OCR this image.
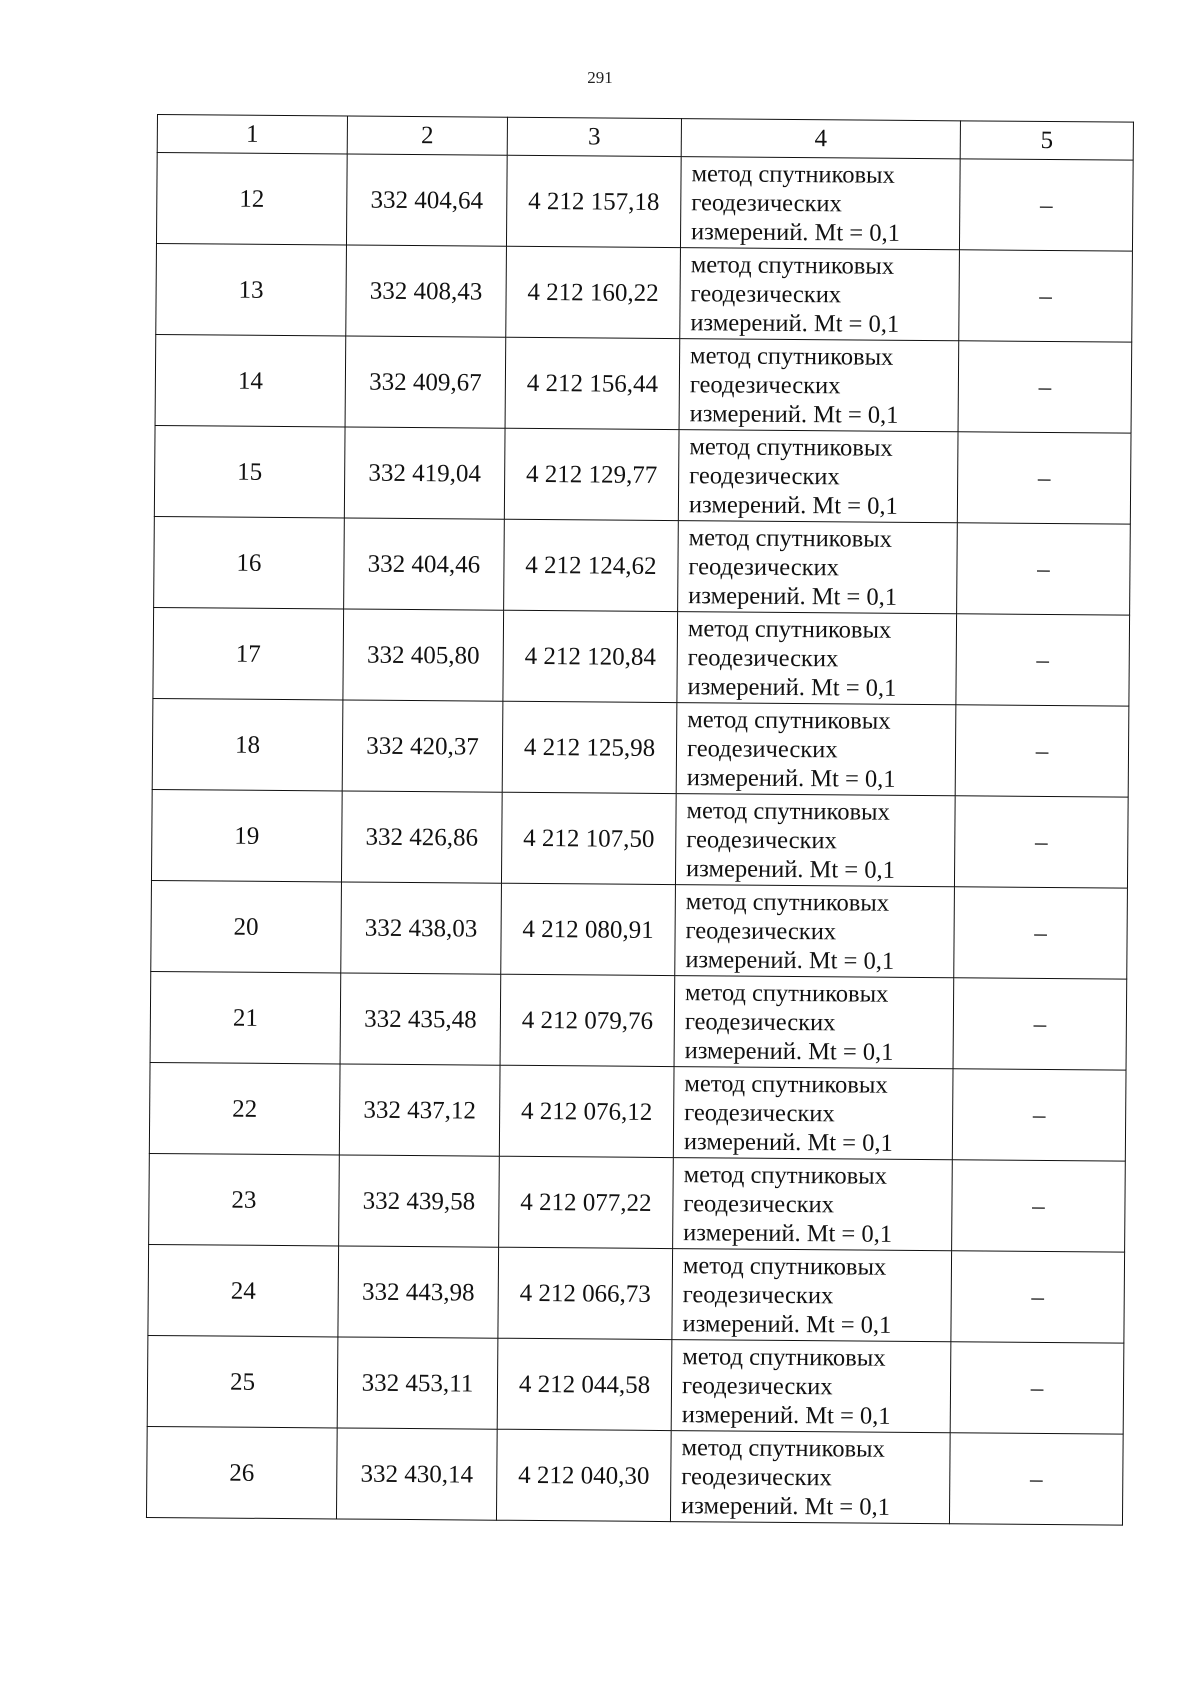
291
1	2	3	4	5
12	332 404,64	4 212 157,18	метод спутниковых
геодезических
измерений. Mt = 0,1	–
13	332 408,43	4 212 160,22	метод спутниковых
геодезических
измерений. Mt = 0,1	–
14	332 409,67	4 212 156,44	метод спутниковых
геодезических
измерений. Mt = 0,1	–
15	332 419,04	4 212 129,77	метод спутниковых
геодезических
измерений. Mt = 0,1	–
16	332 404,46	4 212 124,62	метод спутниковых
геодезических
измерений. Mt = 0,1	–
17	332 405,80	4 212 120,84	метод спутниковых
геодезических
измерений. Mt = 0,1	–
18	332 420,37	4 212 125,98	метод спутниковых
геодезических
измерений. Mt = 0,1	–
19	332 426,86	4 212 107,50	метод спутниковых
геодезических
измерений. Mt = 0,1	–
20	332 438,03	4 212 080,91	метод спутниковых
геодезических
измерений. Mt = 0,1	–
21	332 435,48	4 212 079,76	метод спутниковых
геодезических
измерений. Mt = 0,1	–
22	332 437,12	4 212 076,12	метод спутниковых
геодезических
измерений. Mt = 0,1	–
23	332 439,58	4 212 077,22	метод спутниковых
геодезических
измерений. Mt = 0,1	–
24	332 443,98	4 212 066,73	метод спутниковых
геодезических
измерений. Mt = 0,1	–
25	332 453,11	4 212 044,58	метод спутниковых
геодезических
измерений. Mt = 0,1	–
26	332 430,14	4 212 040,30	метод спутниковых
геодезических
измерений. Mt = 0,1	–
